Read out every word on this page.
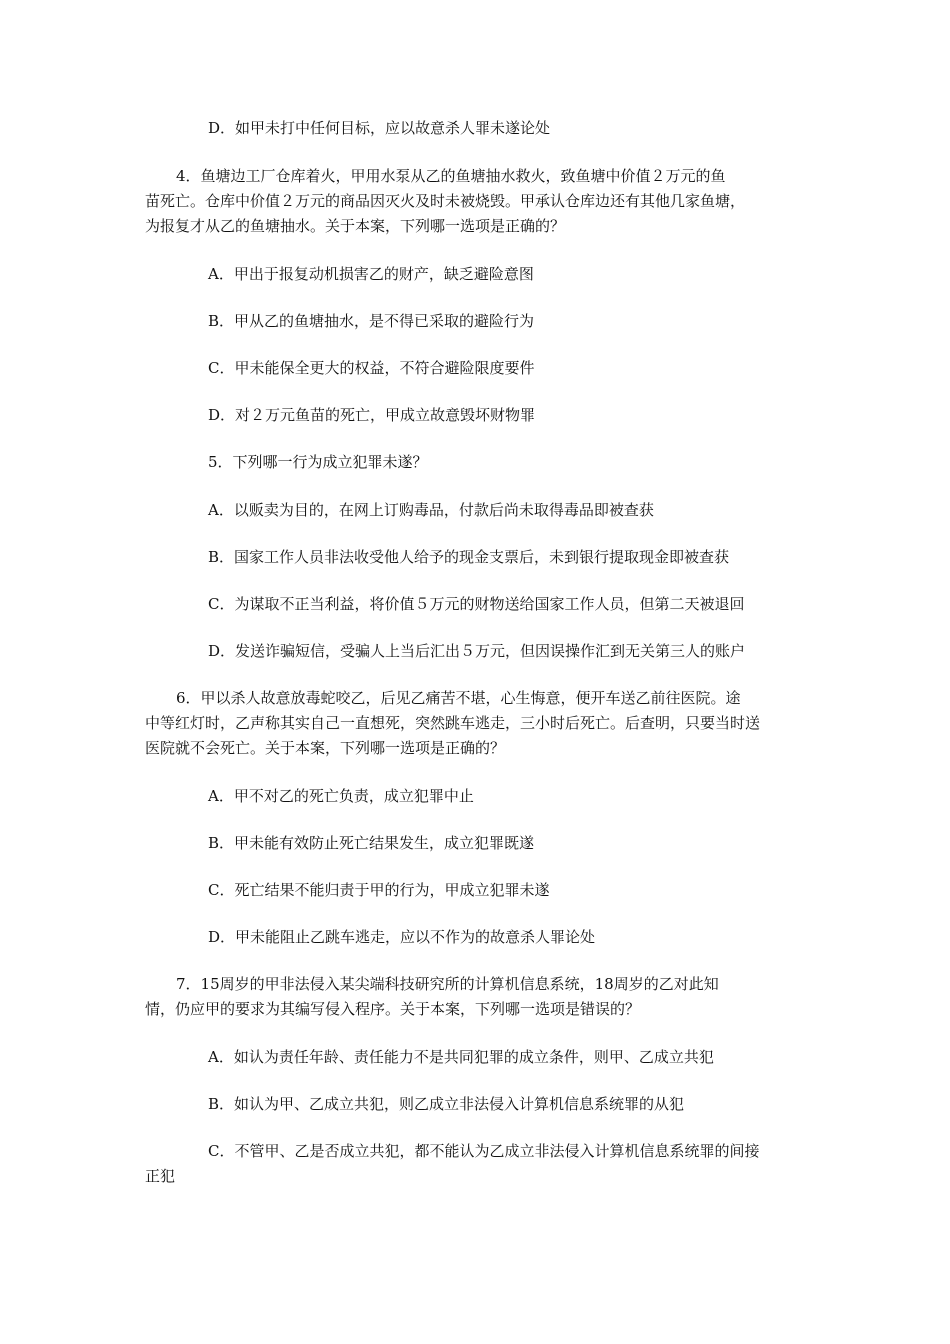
D．如甲未打中任何目标，应以故意杀人罪未遂论处
4．鱼塘边工厂仓库着火，甲用水泵从乙的鱼塘抽水救火，致鱼塘中价值２万元的鱼
苗死亡。仓库中价值２万元的商品因灭火及时未被烧毁。甲承认仓库边还有其他几家鱼塘，
为报复才从乙的鱼塘抽水。关于本案，下列哪一选项是正确的？
A．甲出于报复动机损害乙的财产，缺乏避险意图
B．甲从乙的鱼塘抽水，是不得已采取的避险行为
C．甲未能保全更大的权益，不符合避险限度要件
D．对２万元鱼苗的死亡，甲成立故意毁坏财物罪
5．下列哪一行为成立犯罪未遂？
A．以贩卖为目的，在网上订购毒品，付款后尚未取得毒品即被查获
B．国家工作人员非法收受他人给予的现金支票后，未到银行提取现金即被查获
C．为谋取不正当利益，将价值５万元的财物送给国家工作人员，但第二天被退回
D．发送诈骗短信，受骗人上当后汇出５万元，但因误操作汇到无关第三人的账户
6．甲以杀人故意放毒蛇咬乙，后见乙痛苦不堪，心生悔意，便开车送乙前往医院。途
中等红灯时，乙声称其实自己一直想死，突然跳车逃走，三小时后死亡。后查明，只要当时送
医院就不会死亡。关于本案，下列哪一选项是正确的？
A．甲不对乙的死亡负责，成立犯罪中止
B．甲未能有效防止死亡结果发生，成立犯罪既遂
C．死亡结果不能归责于甲的行为，甲成立犯罪未遂
D．甲未能阻止乙跳车逃走，应以不作为的故意杀人罪论处
7．15周岁的甲非法侵入某尖端科技研究所的计算机信息系统，18周岁的乙对此知
情，仍应甲的要求为其编写侵入程序。关于本案，下列哪一选项是错误的？
A．如认为责任年龄、责任能力不是共同犯罪的成立条件，则甲、乙成立共犯
B．如认为甲、乙成立共犯，则乙成立非法侵入计算机信息系统罪的从犯
C．不管甲、乙是否成立共犯，都不能认为乙成立非法侵入计算机信息系统罪的间接
正犯
